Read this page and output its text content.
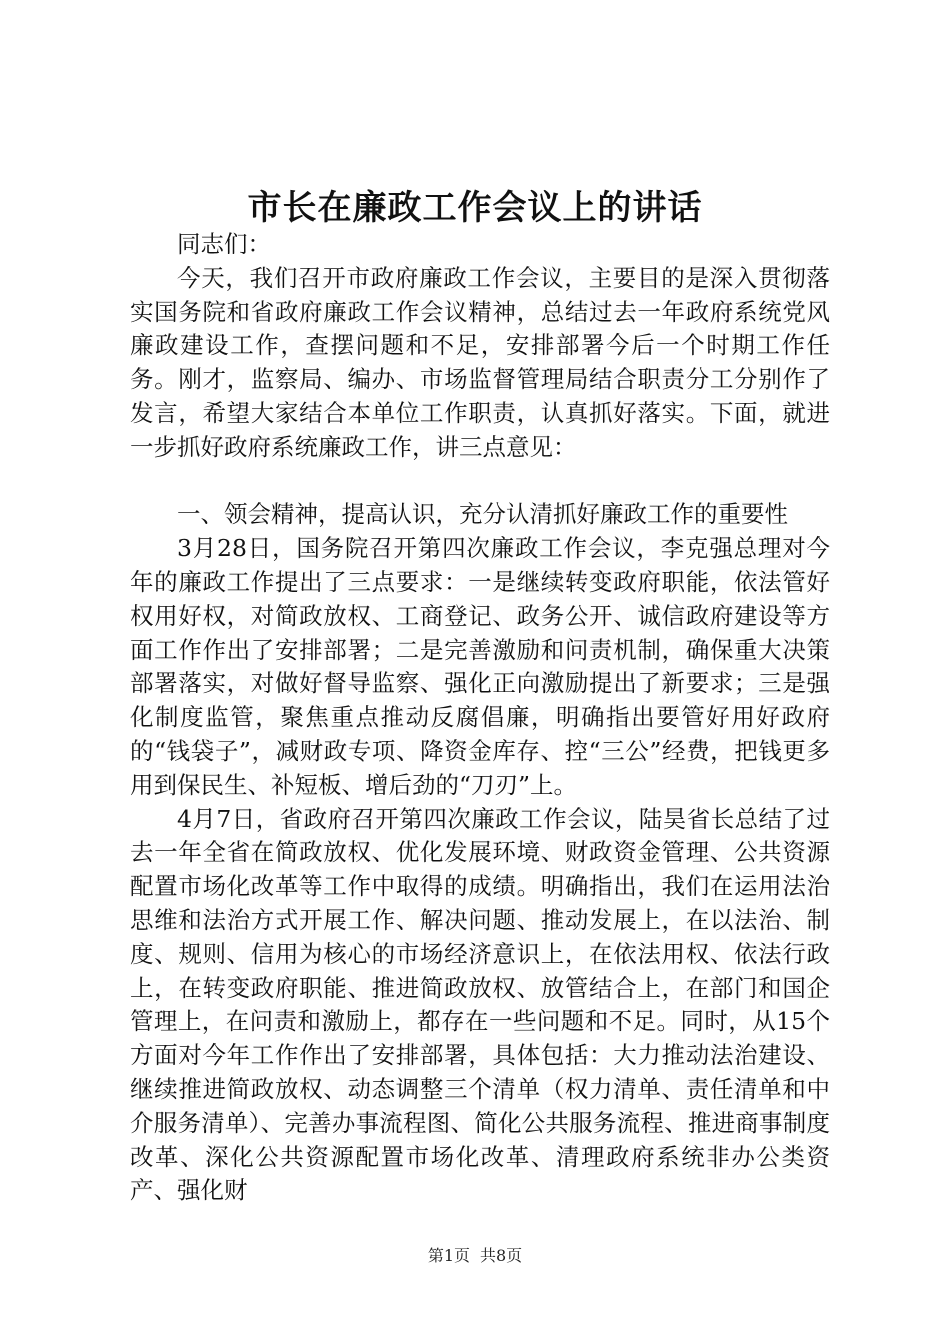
市长在廉政工作会议上的讲话

同志们：

今天，我们召开市政府廉政工作会议，主要目的是深入贯彻落实国务院和省政府廉政工作会议精神，总结过去一年政府系统党风廉政建设工作，查摆问题和不足，安排部署今后一个时期工作任务。刚才，监察局、编办、市场监督管理局结合职责分工分别作了发言，希望大家结合本单位工作职责，认真抓好落实。下面，就进一步抓好政府系统廉政工作，讲三点意见：

一、领会精神，提高认识，充分认清抓好廉政工作的重要性

3月28日，国务院召开第四次廉政工作会议，李克强总理对今年的廉政工作提出了三点要求：一是继续转变政府职能，依法管好权用好权，对简政放权、工商登记、政务公开、诚信政府建设等方面工作作出了安排部署；二是完善激励和问责机制，确保重大决策部署落实，对做好督导监察、强化正向激励提出了新要求；三是强化制度监管，聚焦重点推动反腐倡廉，明确指出要管好用好政府的“钱袋子”，减财政专项、降资金库存、控“三公”经费，把钱更多用到保民生、补短板、增后劲的“刀刃”上。

4月7日，省政府召开第四次廉政工作会议，陆昊省长总结了过去一年全省在简政放权、优化发展环境、财政资金管理、公共资源配置市场化改革等工作中取得的成绩。明确指出，我们在运用法治思维和法治方式开展工作、解决问题、推动发展上，在以法治、制度、规则、信用为核心的市场经济意识上，在依法用权、依法行政上，在转变政府职能、推进简政放权、放管结合上，在部门和国企管理上，在问责和激励上，都存在一些问题和不足。同时，从15个方面对今年工作作出了安排部署，具体包括：大力推动法治建设、继续推进简政放权、动态调整三个清单（权力清单、责任清单和中介服务清单）、完善办事流程图、简化公共服务流程、推进商事制度改革、深化公共资源配置市场化改革、清理政府系统非办公类资产、强化财

第1页 共8页
